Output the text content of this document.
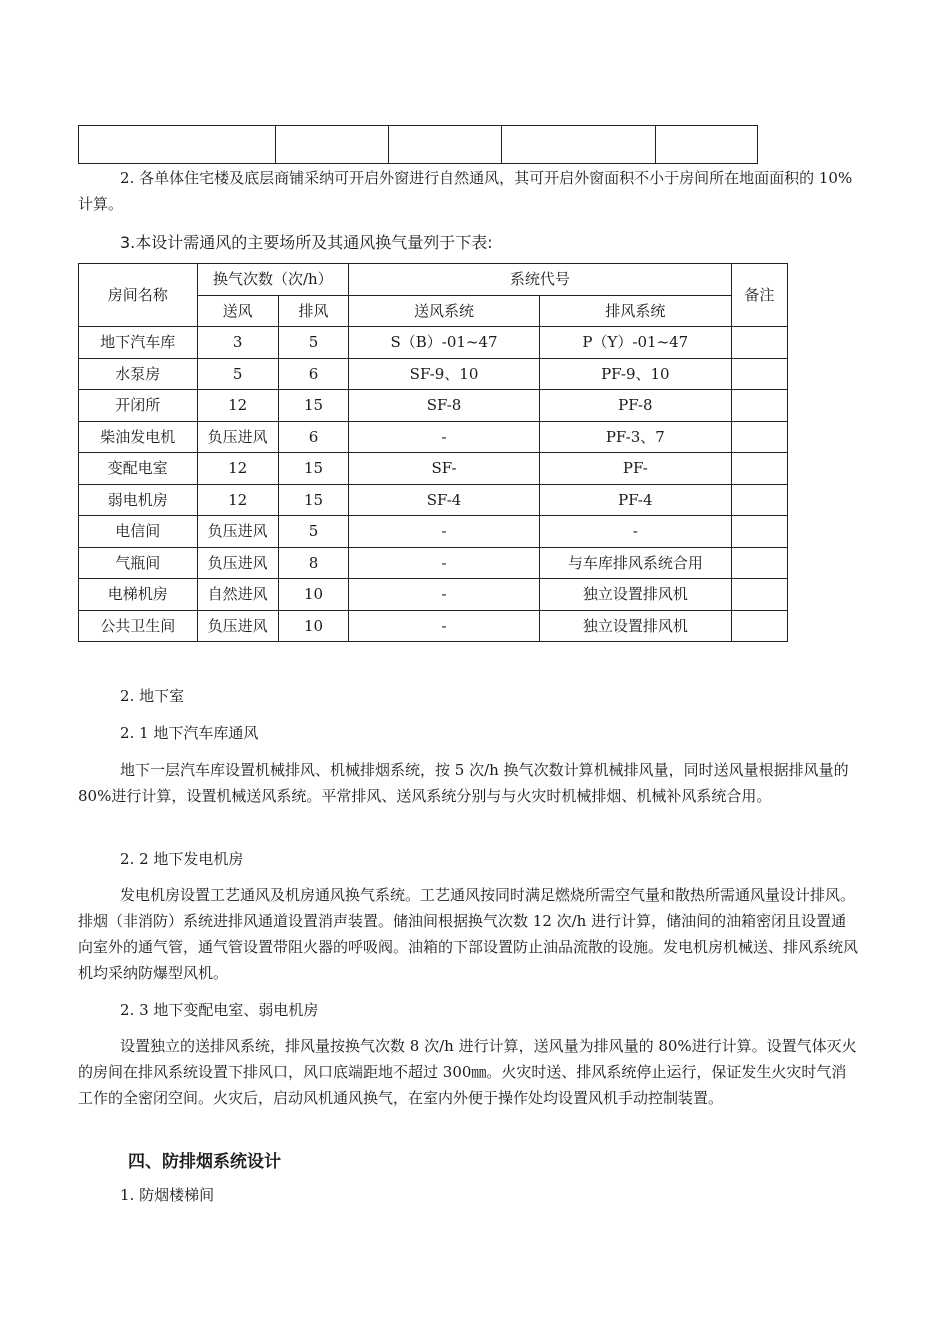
2. 各单体住宅楼及底层商铺采纳可开启外窗进行自然通风，其可开启外窗面积不小于房间所在地面面积的 10%计算。

3.本设计需通风的主要场所及其通风换气量列于下表:
房间名称	换气次数（次/h）		系统代号		备注
	送风	排风	送风系统	排风系统	
地下汽车库	3	5	S（B）-01~47	P（Y）-01~47	
水泵房	5	6	SF-9、10	PF-9、10	
开闭所	12	15	SF-8	PF-8	
柴油发电机	负压进风	6	-	PF-3、7	
变配电室	12	15	SF-	PF-	
弱电机房	12	15	SF-4	PF-4	
电信间	负压进风	5	-	-	
气瓶间	负压进风	8	-	与车库排风系统合用	
电梯机房	自然进风	10	-	独立设置排风机	
公共卫生间	负压进风	10	-	独立设置排风机	
2. 地下室
2. 1 地下汽车库通风

地下一层汽车库设置机械排风、机械排烟系统，按 5 次/h 换气次数计算机械排风量，同时送风量根据排风量的 80%进行计算，设置机械送风系统。平常排风、送风系统分别与与火灾时机械排烟、机械补风系统合用。

2. 2 地下发电机房

发电机房设置工艺通风及机房通风换气系统。工艺通风按同时满足燃烧所需空气量和散热所需通风量设计排风。排烟（非消防）系统进排风通道设置消声装置。储油间根据换气次数 12 次/h 进行计算，储油间的油箱密闭且设置通向室外的通气管，通气管设置带阻火器的呼吸阀。油箱的下部设置防止油品流散的设施。发电机房机械送、排风系统风机均采纳防爆型风机。

2. 3 地下变配电室、弱电机房

设置独立的送排风系统，排风量按换气次数 8 次/h 进行计算，送风量为排风量的 80%进行计算。设置气体灭火的房间在排风系统设置下排风口，风口底端距地不超过 300㎜。火灾时送、排风系统停止运行，保证发生火灾时气消工作的全密闭空间。火灾后，启动风机通风换气，在室内外便于操作处均设置风机手动控制装置。

四、防排烟系统设计
1. 防烟楼梯间
